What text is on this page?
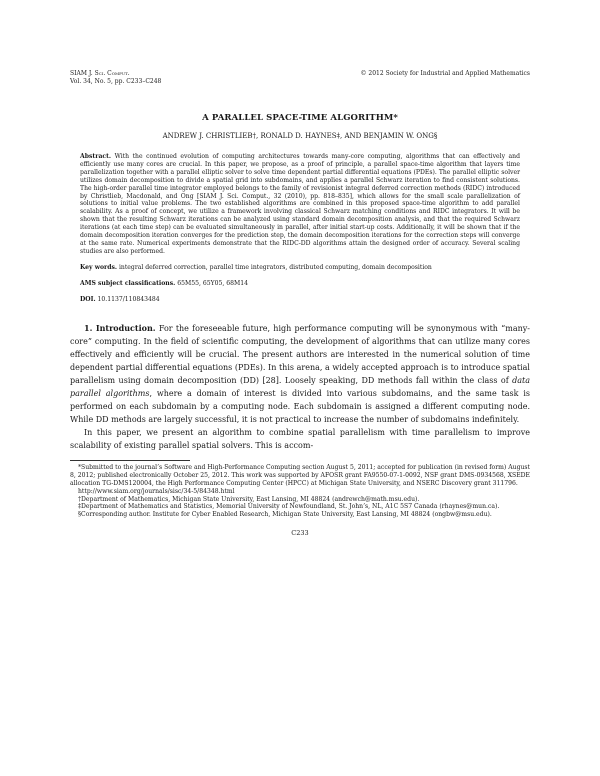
SIAM J. Sci. Comput.
Vol. 34, No. 5, pp. C233–C248
© 2012 Society for Industrial and Applied Mathematics
A PARALLEL SPACE-TIME ALGORITHM*
ANDREW J. CHRISTLIEB†, RONALD D. HAYNES‡, AND BENJAMIN W. ONG§
Abstract. With the continued evolution of computing architectures towards many-core computing, algorithms that can effectively and efficiently use many cores are crucial. In this paper, we propose, as a proof of principle, a parallel space-time algorithm that layers time parallelization together with a parallel elliptic solver to solve time dependent partial differential equations (PDEs). The parallel elliptic solver utilizes domain decomposition to divide a spatial grid into subdomains, and applies a parallel Schwarz iteration to find consistent solutions. The high-order parallel time integrator employed belongs to the family of revisionist integral deferred correction methods (RIDC) introduced by Christlieb, Macdonald, and Ong [SIAM J. Sci. Comput., 32 (2010), pp. 818–835], which allows for the small scale parallelization of solutions to initial value problems. The two established algorithms are combined in this proposed space-time algorithm to add parallel scalability. As a proof of concept, we utilize a framework involving classical Schwarz matching conditions and RIDC integrators. It will be shown that the resulting Schwarz iterations can be analyzed using standard domain decomposition analysis, and that the required Schwarz iterations (at each time step) can be evaluated simultaneously in parallel, after initial start-up costs. Additionally, it will be shown that if the domain decomposition iteration converges for the prediction step, the domain decomposition iterations for the correction steps will converge at the same rate. Numerical experiments demonstrate that the RIDC-DD algorithms attain the designed order of accuracy. Several scaling studies are also performed.
Key words. integral deferred correction, parallel time integrators, distributed computing, domain decomposition
AMS subject classifications. 65M55, 65Y05, 68M14
DOI. 10.1137/110843484

1. Introduction. For the foreseeable future, high performance computing will be synonymous with “many-core” computing. In the field of scientific computing, the development of algorithms that can utilize many cores effectively and efficiently will be crucial. The present authors are interested in the numerical solution of time dependent partial differential equations (PDEs). In this arena, a widely accepted approach is to introduce spatial parallelism using domain decomposition (DD) [28]. Loosely speaking, DD methods fall within the class of data parallel algorithms, where a domain of interest is divided into various subdomains, and the same task is performed on each subdomain by a computing node. Each subdomain is assigned a different computing node. While DD methods are largely successful, it is not practical to increase the number of subdomains indefinitely.

In this paper, we present an algorithm to combine spatial parallelism with time parallelism to improve scalability of existing parallel spatial solvers. This is accom-

*Submitted to the journal’s Software and High-Performance Computing section August 5, 2011; accepted for publication (in revised form) August 8, 2012; published electronically October 25, 2012. This work was supported by AFOSR grant FA9550-07-1-0092, NSF grant DMS-0934568, XSEDE allocation TG-DMS120004, the High Performance Computing Center (HPCC) at Michigan State University, and NSERC Discovery grant 311796.

http://www.siam.org/journals/sisc/34-5/84348.html

†Department of Mathematics, Michigan State University, East Lansing, MI 48824 (andrewch@math.msu.edu).

‡Department of Mathematics and Statistics, Memorial University of Newfoundland, St. John’s, NL, A1C 5S7 Canada (rhaynes@mun.ca).

§Corresponding author. Institute for Cyber Enabled Research, Michigan State University, East Lansing, MI 48824 (ongbw@msu.edu).

C233
